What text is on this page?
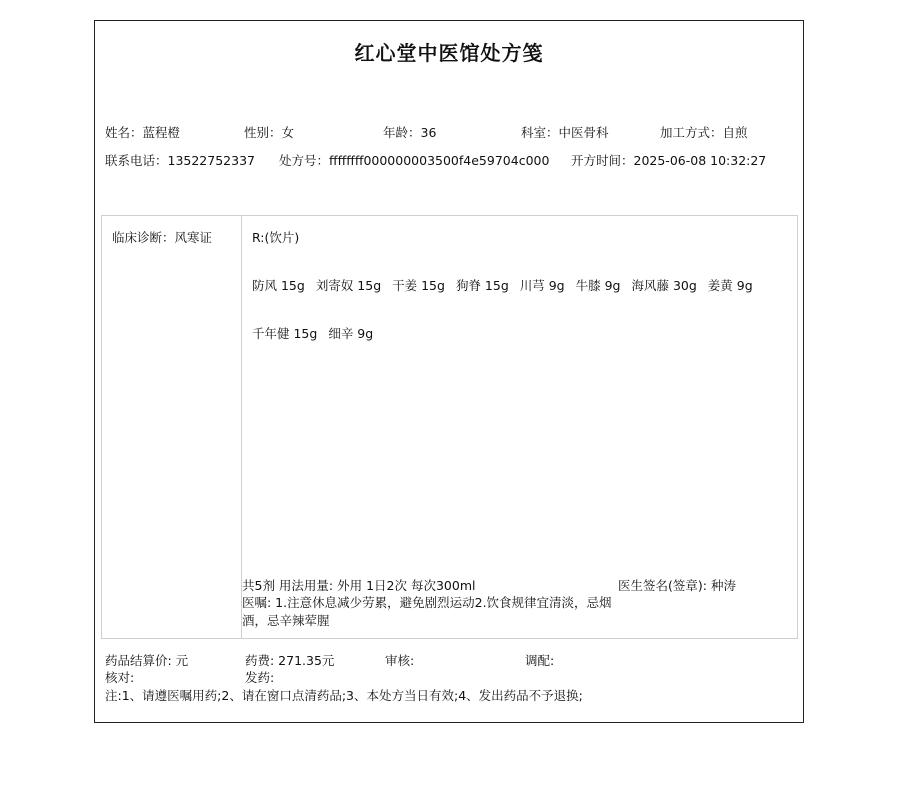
红心堂中医馆处方笺
姓名：蓝程橙	性别：女	年龄：36	科室：中医骨科	加工方式：自煎
联系电话：13522752337 处方号：ffffffff000000003500f4e59704c000 开方时间：2025-06-08 10:32:27
临床诊断：风寒证	R:(饮片)
防风 15g 刘寄奴 15g 干姜 15g 狗脊 15g 川芎 9g 牛膝 9g 海风藤 30g 姜黄 9g
千年健 15g 细辛 9g
共5剂 用法用量: 外用 1日2次 每次300ml	医生签名(签章): 种涛
医嘱: 1.注意休息减少劳累，避免剧烈运动2.饮食规律宜清淡，忌烟酒，忌辛辣荤腥
药品结算价: 元	药费: 271.35元	审核:	调配:
核对:	发药:
注:1、请遵医嘱用药;2、请在窗口点清药品;3、本处方当日有效;4、发出药品不予退换;
